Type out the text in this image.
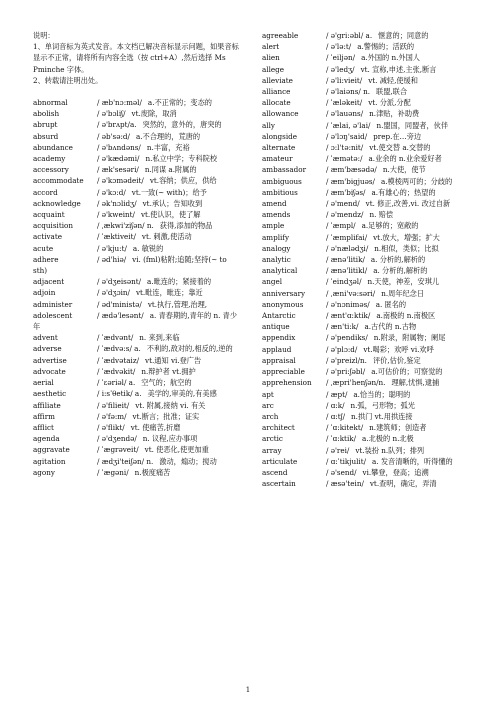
说明：
1、单词音标为英式发音。本文档已解决音标显示问题，如果音标显示不正常，请将所有内容全选（按 ctrl+A）,然后选择 Ms Pminche 字体。
2、转载请注明出处。
abnormal	/ æb'nɔ:məl/ a.不正常的；变态的
abolish	/ ə'bɔliʃ/ vt.废除，取消
abrupt	/ ə'brʌpt/a. 突然的，意外的，唐突的
absurd	/ əb'sə:d/ a.不合理的，荒唐的
abundance	/ ə'bʌndəns/ n.丰富，充裕
academy	/ ə'kædəmi/ n.私立中学；专科院校
accessory	/ æk'sesəri/ n.同谋 a.附属的
accommodate / ə'kɔmədeit/ vt.容纳；供应，供给
accord	/ ə'kɔ:d/ vt.一致(~ with)；给予
acknowledge / ək'nɔlidʒ/ vt.承认；告知收到
acquaint	/ ə'kweint/ vt.使认识，使了解
acquisition	/ ˌækwi'ziʃən/ n. 获得,添加的物品
activate	/ ˈæktiveit/ vt. 刺激,使活动
acute	/ ə'kju:t/ a. 敏锐的
adhere	/ əd'hiə/ vi. (fml)粘附;追随;坚持(~ to sth)
adjacent	/ ə'dʒeisənt/ a.毗连的；紧接着的
adjoin	/ ə'dʒɔin/ vt.毗连，毗连；靠近
administer	/ əd'ministə/ vt.执行,管理,治理,
adolescent	/ ædə'lesənt/ a. 青春期的,青年的 n. 青少年
advent	/ ˈædvənt/ n. 来到,来临
adverse	/ ˈædvə:s/ a. 不利的,敌对的,相反的,逆的
advertise	/ ˈædvətaiz/ vt.通知 vi.登广告
advocate	/ ˈædvəkit/ n.辩护者 vt.拥护
aerial	/ ˈɛəriəl/ a. 空气的；航空的
aesthetic	/ i:sˈθetik/ a. 美学的,审美的,有美感
affiliate	/ ə'filieit/ vt. 附属,接纳 vi. 有关
affirm	/ ə'fə:m/ vt.断言；批准；证实
afflict	/ ə'flikt/ vt. 使痛苦,折磨
agenda	/ ə'dʒendə/ n. 议程,应办事项
aggravate	/ ˈægrəveit/ vt. 使恶化,使更加重
agitation	/ ædʒi'teiʃən/ n. 激动，煽动；搅动
agony	/ ˈægəni/ n.极度痛苦
agreeable	/ ə'gri:əbl/ a. 惬意的；同意的
alert	/ ə'lə:t/ a.警惕的；活跃的
alien	/ ˈeiljən/ a.外国的 n.外国人
allege	/ ə'ledʒ/ vt. 宣称,申述,主张,断言
alleviate	/ ə'li:vieit/ vt. 减轻,使缓和
alliance	/ ə'laiəns/ n. 联盟,联合
allocate	/ ˈæləkeit/ vt. 分派,分配
allowance	/ ə'lauəns/ n.津贴，补助费
ally	/ ˈælai, ə'lai/ n.盟国，同盟者，伙伴
alongside	/ ə'lɔŋ'said/ prep.在…旁边
alternate	/ ɔ:l'tə:nit/ vt.使交替 a.交替的
amateur	/ ˈæmətə:/ a.业余的 n.业余爱好者
ambassador	/ æm'bæsədə/ n.大使，使节
ambiguous	/ æm'bigjuəs/ a.模棱两可的；分歧的
ambitious	/ æm'biʃəs/ a.有雄心的；热望的
amend	/ ə'mend/ vt. 修正,改善,vi. 改过自新
amends	/ ə'mendz/ n. 赔偿
ample	/ ˈæmpl/ a.足够的；宽敞的
amplify	/ ˈæmplifai/ vt.放大，增强；扩大
analogy	/ ə'nælədʒi/ n.相似，类似；比拟
analytic	/ ænə'litik/ a. 分析的,解析的
analytical	/ ænə'litikl/ a. 分析的,解析的
angel	/ ˈeindʒəl/ n.天使，神差，安琪儿
anniversary	/ ˌæni'və:səri/ n.周年纪念日
anonymous	/ ə'nɔniməs/ a. 匿名的
Antarctic	/ ænt'ɑ:ktik/ a.南极的 n.南极区
antique	/ æn'ti:k/ a.古代的 n.古物
appendix	/ ə'pendiks/ n.附录，附属物；阑尾
applaud	/ ə'plɔ:d/ vt.喝彩；欢呼 vi.欢呼
appraisal	/ ə'preizl/n. 评价,估价,鉴定
appreciable	/ ə'pri:ʃəbl/ a.可估价的；可察觉的
apprehension / ˌæpri'henʃən/n. 理解,忧惧,逮捕
apt	/ æpt/ a.恰当的；聪明的
arc	/ ɑ:k/ n.弧，弓形物；弧光
arch	/ ɑ:tʃ/ n.拱门 vt.用拱连接
architect	/ ˈɑ:kitekt/ n.建筑师；创造者
arctic	/ ˈɑ:ktik/ a.北极的 n.北极
array	/ ə'rei/ vt.装扮 n.队列；排列
articulate	/ ɑ:ˈtikjulit/ a. 发音清晰的，听得懂的
ascend	/ ə'send/ vi.攀登，登高；追溯
ascertain	/ æsə'tein/ vt.查明，确定，弄清
1
